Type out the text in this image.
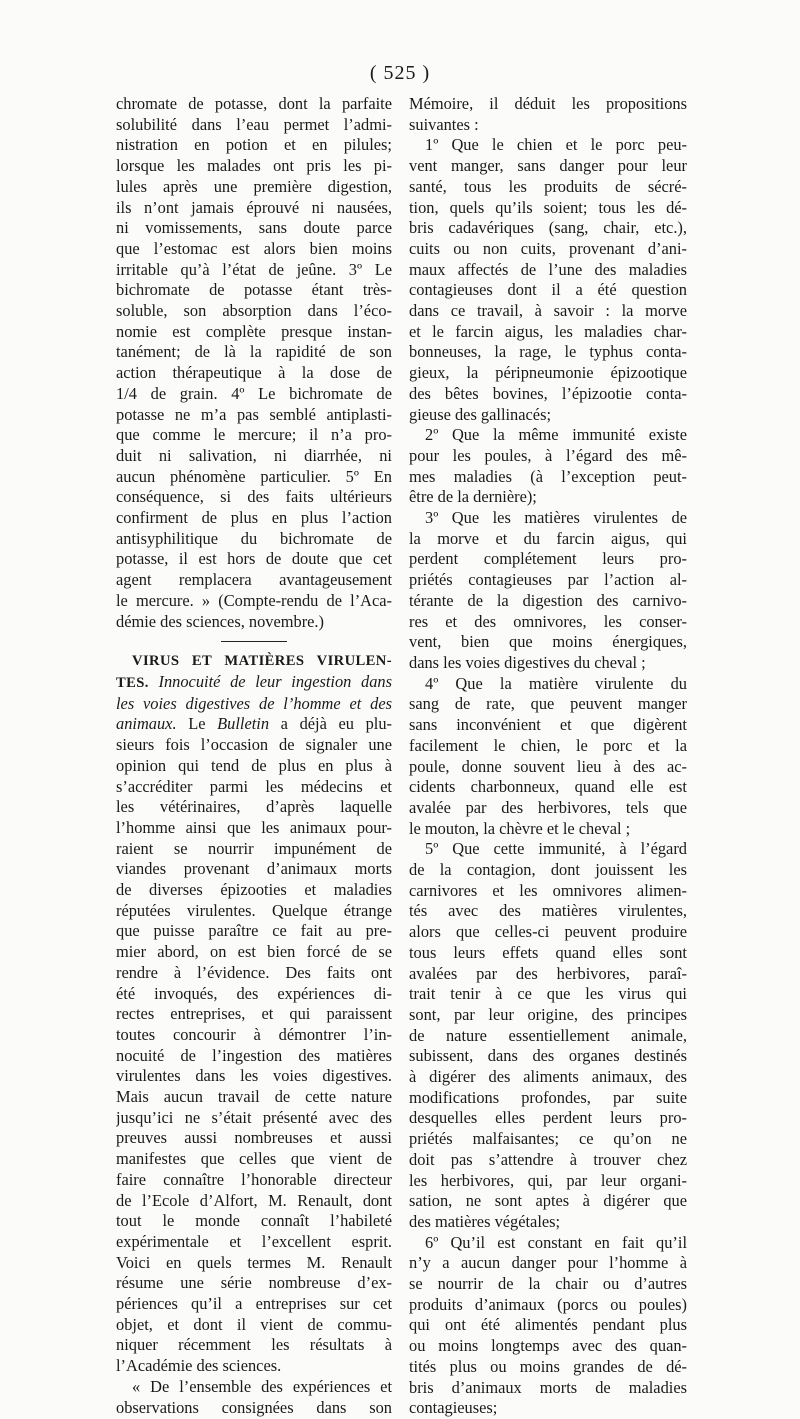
( 525 )
chromate de potasse, dont la parfaite
solubilité dans l’eau permet l’admi-
nistration en potion et en pilules;
lorsque les malades ont pris les pi-
lules après une première digestion,
ils n’ont jamais éprouvé ni nausées,
ni vomissements, sans doute parce
que l’estomac est alors bien moins
irritable qu’à l’état de jeûne. 3º Le
bichromate de potasse étant très-
soluble, son absorption dans l’éco-
nomie est complète presque instan-
tanément; de là la rapidité de son
action thérapeutique à la dose de
1/4 de grain. 4º Le bichromate de
potasse ne m’a pas semblé antiplasti-
que comme le mercure; il n’a pro-
duit ni salivation, ni diarrhée, ni
aucun phénomène particulier. 5º En
conséquence, si des faits ultérieurs
confirment de plus en plus l’action
antisyphilitique du bichromate de
potasse, il est hors de doute que cet
agent remplacera avantageusement
le mercure. » (Compte-rendu de l’Aca-
démie des sciences, novembre.)
VIRUS ET MATIÈRES VIRULEN-
TES. Innocuité de leur ingestion dans
les voies digestives de l’homme et des
animaux. Le Bulletin a déjà eu plu-
sieurs fois l’occasion de signaler une
opinion qui tend de plus en plus à
s’accréditer parmi les médecins et
les vétérinaires, d’après laquelle
l’homme ainsi que les animaux pour-
raient se nourrir impunément de
viandes provenant d’animaux morts
de diverses épizooties et maladies
réputées virulentes. Quelque étrange
que puisse paraître ce fait au pre-
mier abord, on est bien forcé de se
rendre à l’évidence. Des faits ont
été invoqués, des expériences di-
rectes entreprises, et qui paraissent
toutes concourir à démontrer l’in-
nocuité de l’ingestion des matières
virulentes dans les voies digestives.
Mais aucun travail de cette nature
jusqu’ici ne s’était présenté avec des
preuves aussi nombreuses et aussi
manifestes que celles que vient de
faire connaître l’honorable directeur
de l’Ecole d’Alfort, M. Renault, dont
tout le monde connaît l’habileté
expérimentale et l’excellent esprit.
Voici en quels termes M. Renault
résume une série nombreuse d’ex-
périences qu’il a entreprises sur cet
objet, et dont il vient de commu-
niquer récemment les résultats à
l’Académie des sciences.
« De l’ensemble des expériences et
observations consignées dans son
Mémoire, il déduit les propositions
suivantes :
1º Que le chien et le porc peu-
vent manger, sans danger pour leur
santé, tous les produits de sécré-
tion, quels qu’ils soient; tous les dé-
bris cadavériques (sang, chair, etc.),
cuits ou non cuits, provenant d’ani-
maux affectés de l’une des maladies
contagieuses dont il a été question
dans ce travail, à savoir : la morve
et le farcin aigus, les maladies char-
bonneuses, la rage, le typhus conta-
gieux, la péripneumonie épizootique
des bêtes bovines, l’épizootie conta-
gieuse des gallinacés;
2º Que la même immunité existe
pour les poules, à l’égard des mê-
mes maladies (à l’exception peut-
être de la dernière);
3º Que les matières virulentes de
la morve et du farcin aigus, qui
perdent complétement leurs pro-
priétés contagieuses par l’action al-
térante de la digestion des carnivo-
res et des omnivores, les conser-
vent, bien que moins énergiques,
dans les voies digestives du cheval ;
4º Que la matière virulente du
sang de rate, que peuvent manger
sans inconvénient et que digèrent
facilement le chien, le porc et la
poule, donne souvent lieu à des ac-
cidents charbonneux, quand elle est
avalée par des herbivores, tels que
le mouton, la chèvre et le cheval ;
5º Que cette immunité, à l’égard
de la contagion, dont jouissent les
carnivores et les omnivores alimen-
tés avec des matières virulentes,
alors que celles-ci peuvent produire
tous leurs effets quand elles sont
avalées par des herbivores, paraî-
trait tenir à ce que les virus qui
sont, par leur origine, des principes
de nature essentiellement animale,
subissent, dans des organes destinés
à digérer des aliments animaux, des
modifications profondes, par suite
desquelles elles perdent leurs pro-
priétés malfaisantes; ce qu’on ne
doit pas s’attendre à trouver chez
les herbivores, qui, par leur organi-
sation, ne sont aptes à digérer que
des matières végétales;
6º Qu’il est constant en fait qu’il
n’y a aucun danger pour l’homme à
se nourrir de la chair ou d’autres
produits d’animaux (porcs ou poules)
qui ont été alimentés pendant plus
ou moins longtemps avec des quan-
tités plus ou moins grandes de dé-
bris d’animaux morts de maladies
contagieuses;
